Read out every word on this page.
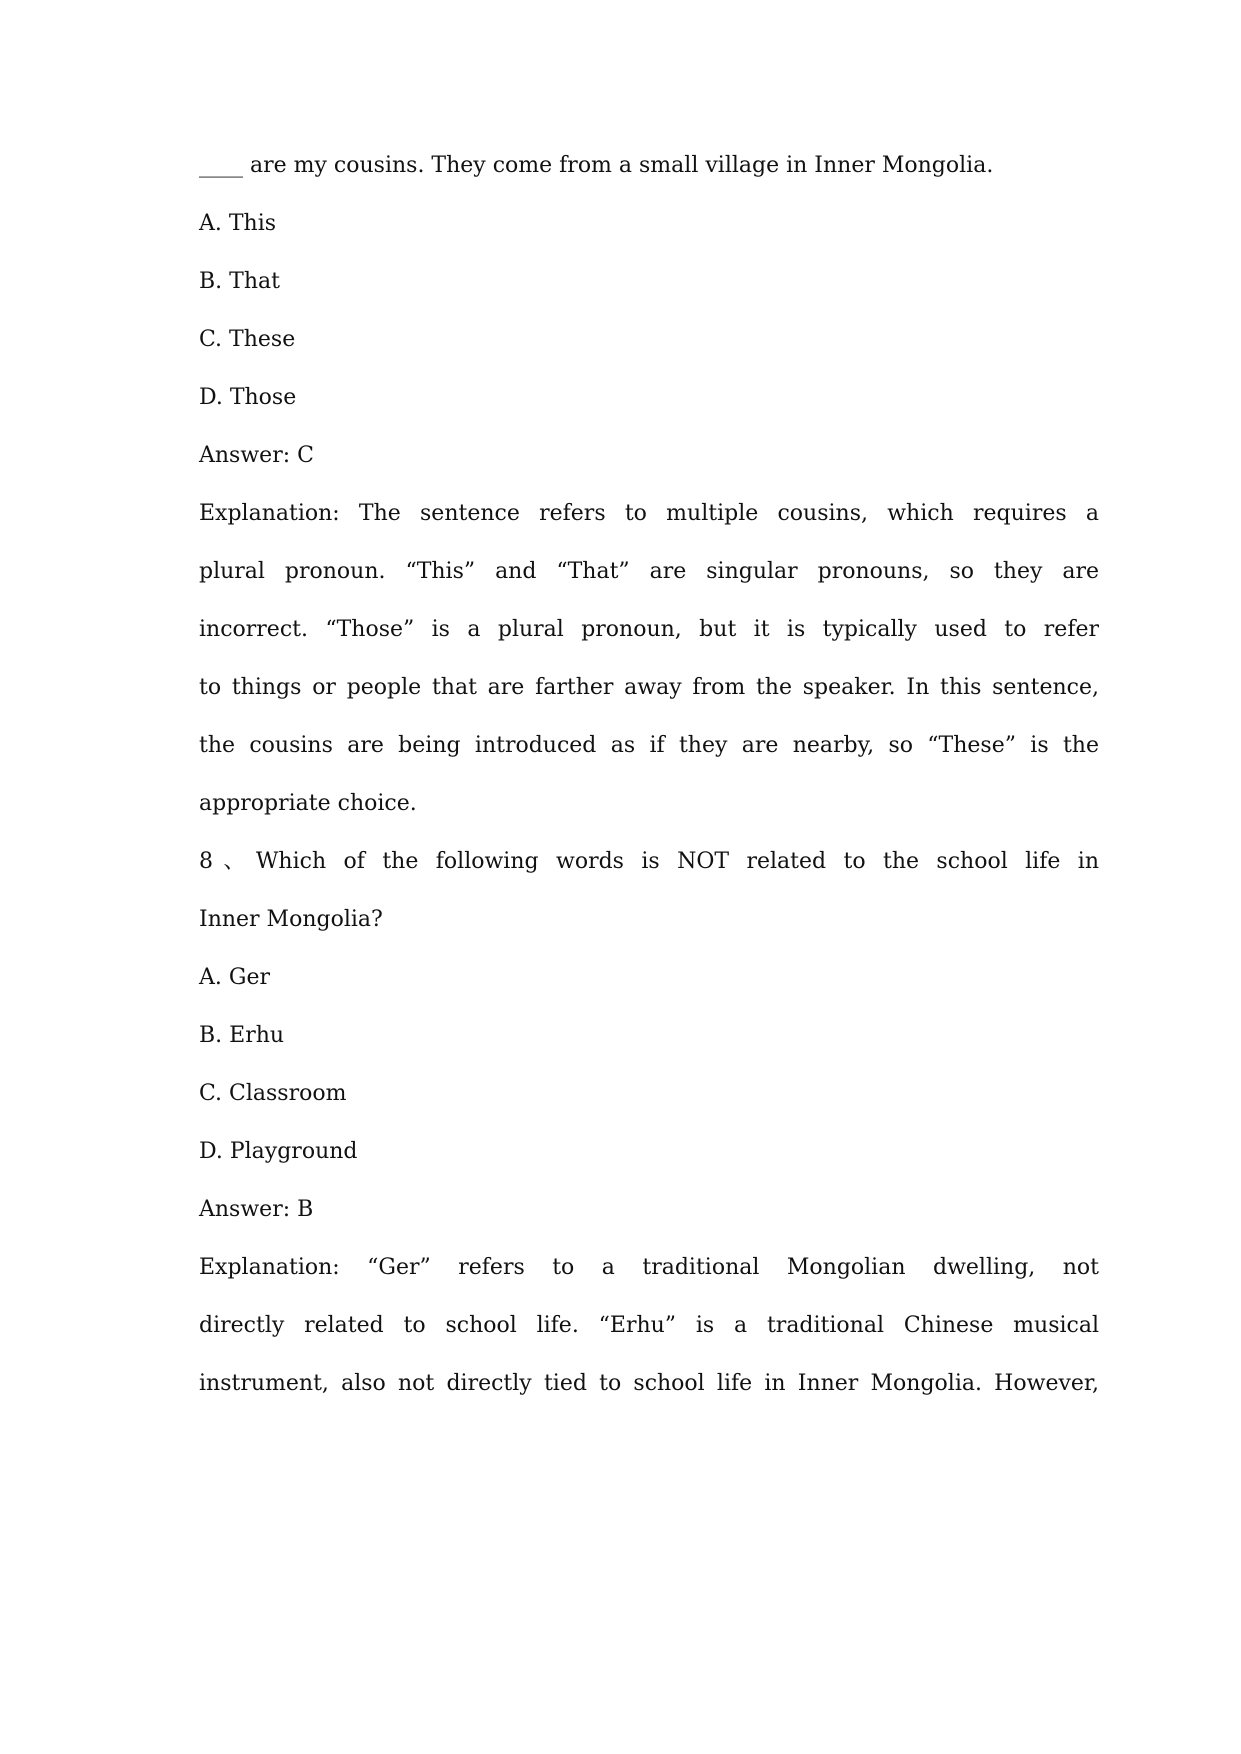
____ are my cousins. They come from a small village in Inner Mongolia.
A. This
B. That
C. These
D. Those
Answer: C
Explanation: The sentence refers to multiple cousins, which requires a
plural pronoun. “This” and “That” are singular pronouns, so they are
incorrect. “Those” is a plural pronoun, but it is typically used to refer
to things or people that are farther away from the speaker. In this sentence,
the cousins are being introduced as if they are nearby, so “These” is the
appropriate choice.
8、Which of the following words is NOT related to the school life in
Inner Mongolia?
A. Ger
B. Erhu
C. Classroom
D. Playground
Answer: B
Explanation: “Ger” refers to a traditional Mongolian dwelling, not
directly related to school life. “Erhu” is a traditional Chinese musical
instrument, also not directly tied to school life in Inner Mongolia. However,
